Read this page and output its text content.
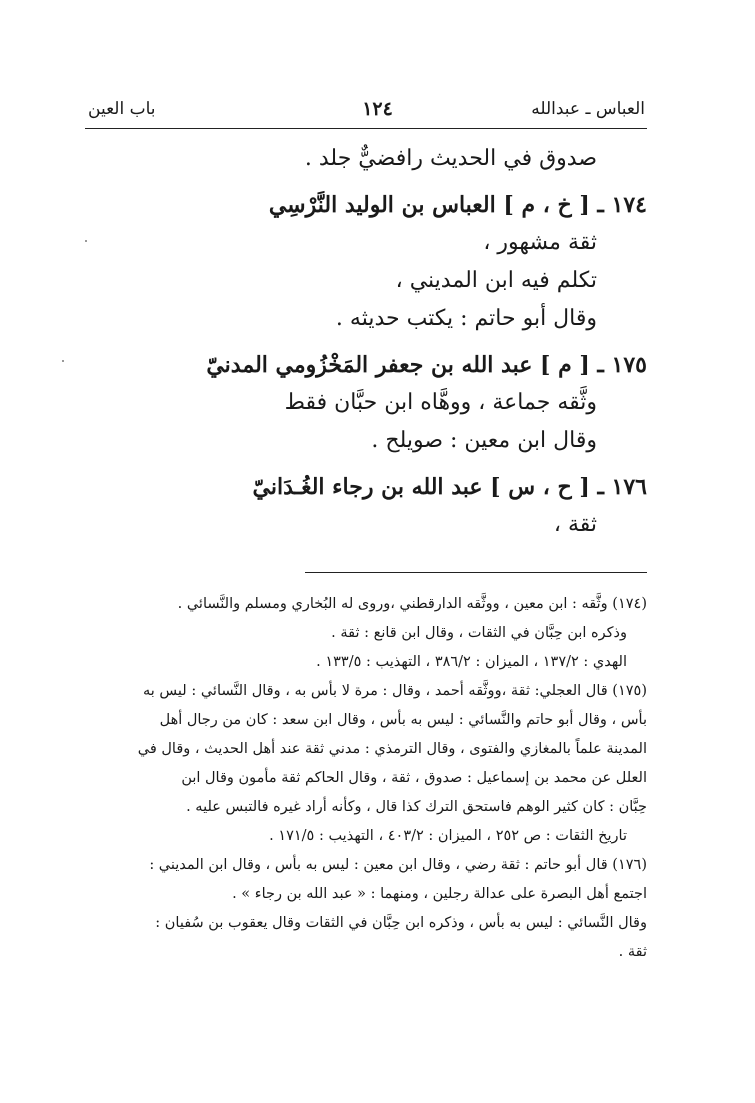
العباس ـ عبدالله
١٢٤
باب العين
صدوق في الحديث رافضيٌّ جلد .
١٧٤ ـ [ خ ، م ] العباس بن الوليد النَّرْسِي
ثقة مشهور ،
تكلم فيه ابن المديني ،
وقال أبو حاتم : يكتب حديثه .
١٧٥ ـ [ م ] عبد الله بن جعفر المَخْزُومي المدنيّ
وثَّقه جماعة ، ووهَّاه ابن حبَّان فقط
وقال ابن معين : صويلح .
١٧٦ ـ [ ح ، س ] عبد الله بن رجاء الغُـدَانيّ
ثقة ،
(١٧٤) وثَّقه : ابن معين ، ووثَّقه الدارقطني ،وروى له البُخاري ومسلم والنَّسائي .
وذكره ابن حِبَّان في الثقات ، وقال ابن قانع : ثقة .
الهدي : ١٣٧/٢ ، الميزان : ٣٨٦/٢ ، التهذيب : ١٣٣/٥ .
(١٧٥) قال العجلي: ثقة ،ووثَّقه أحمد ، وقال : مرة لا بأس به ، وقال النَّسائي : ليس به
بأس ، وقال أبو حاتم والنَّسائي : ليس به بأس ، وقال ابن سعد : كان من رجال أهل
المدينة علماً بالمغازي والفتوى ، وقال الترمذي : مدني ثقة عند أهل الحديث ، وقال في
العلل عن محمد بن إسماعيل : صدوق ، ثقة ، وقال الحاكم ثقة مأمون وقال ابن
حِبَّان : كان كثير الوهم فاستحق الترك كذا قال ، وكأنه أراد غيره فالتبس عليه .
تاريخ الثقات : ص ٢٥٢ ، الميزان : ٤٠٣/٢ ، التهذيب : ١٧١/٥ .
(١٧٦) قال أبو حاتم : ثقة رضي ، وقال ابن معين : ليس به بأس ، وقال ابن المديني :
اجتمع أهل البصرة على عدالة رجلين ، ومنهما : « عبد الله بن رجاء » .
وقال النَّسائي : ليس به بأس ، وذكره ابن حِبَّان في الثقات وقال يعقوب بن سُفيان :
ثقة .
